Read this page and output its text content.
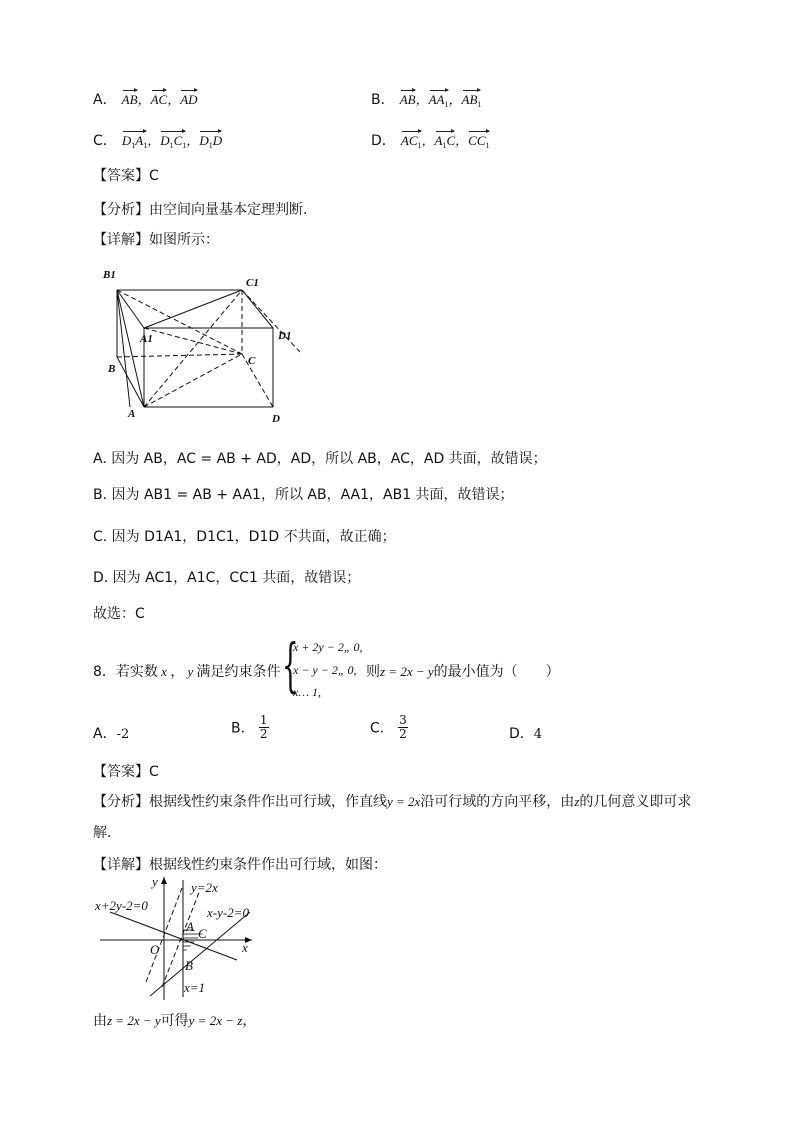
A． AB，AC，AD	B． AB，$AA_1$，$AB_1$
C． $D_1A_1$，$D_1C_1$，$D_1D$	D． $AC_1$，$A_1C$，$CC_1$
【答案】C
【分析】由空间向量基本定理判断.
【详解】如图所示：
B1
C1
A1	D1
B
C
A	D
A. 因为 AB，AC = AB + AD，AD，所以 AB，AC，AD 共面，故错误；
B. 因为 AB1 = AB + AA1，所以 AB，AA1，AB1 共面，故错误；
C. 因为 D1A1，D1C1，D1D 不共面，故正确；
D. 因为 AC1，A1C，CC1 共面，故错误；
故选：C
8．若实数 x ， y 满足约束条件 {
x + 2y − 2„ 0,
x − y − 2„ 0,
x… 1,
则z = 2x − y的最小值为（　　）
A．-2	B． $\frac{1}{2}$	C． $\frac{3}{2}$	D．4
【答案】C
【分析】根据线性约束条件作出可行域，作直线y = 2x沿可行域的方向平移，由z的几何意义即可求
解.
【详解】根据线性约束条件作出可行域，如图：
y
x
O
A C
B
x+2y-2=0	x-y-2=0
y=2x
x=1
由z = 2x − y可得y = 2x − z，
